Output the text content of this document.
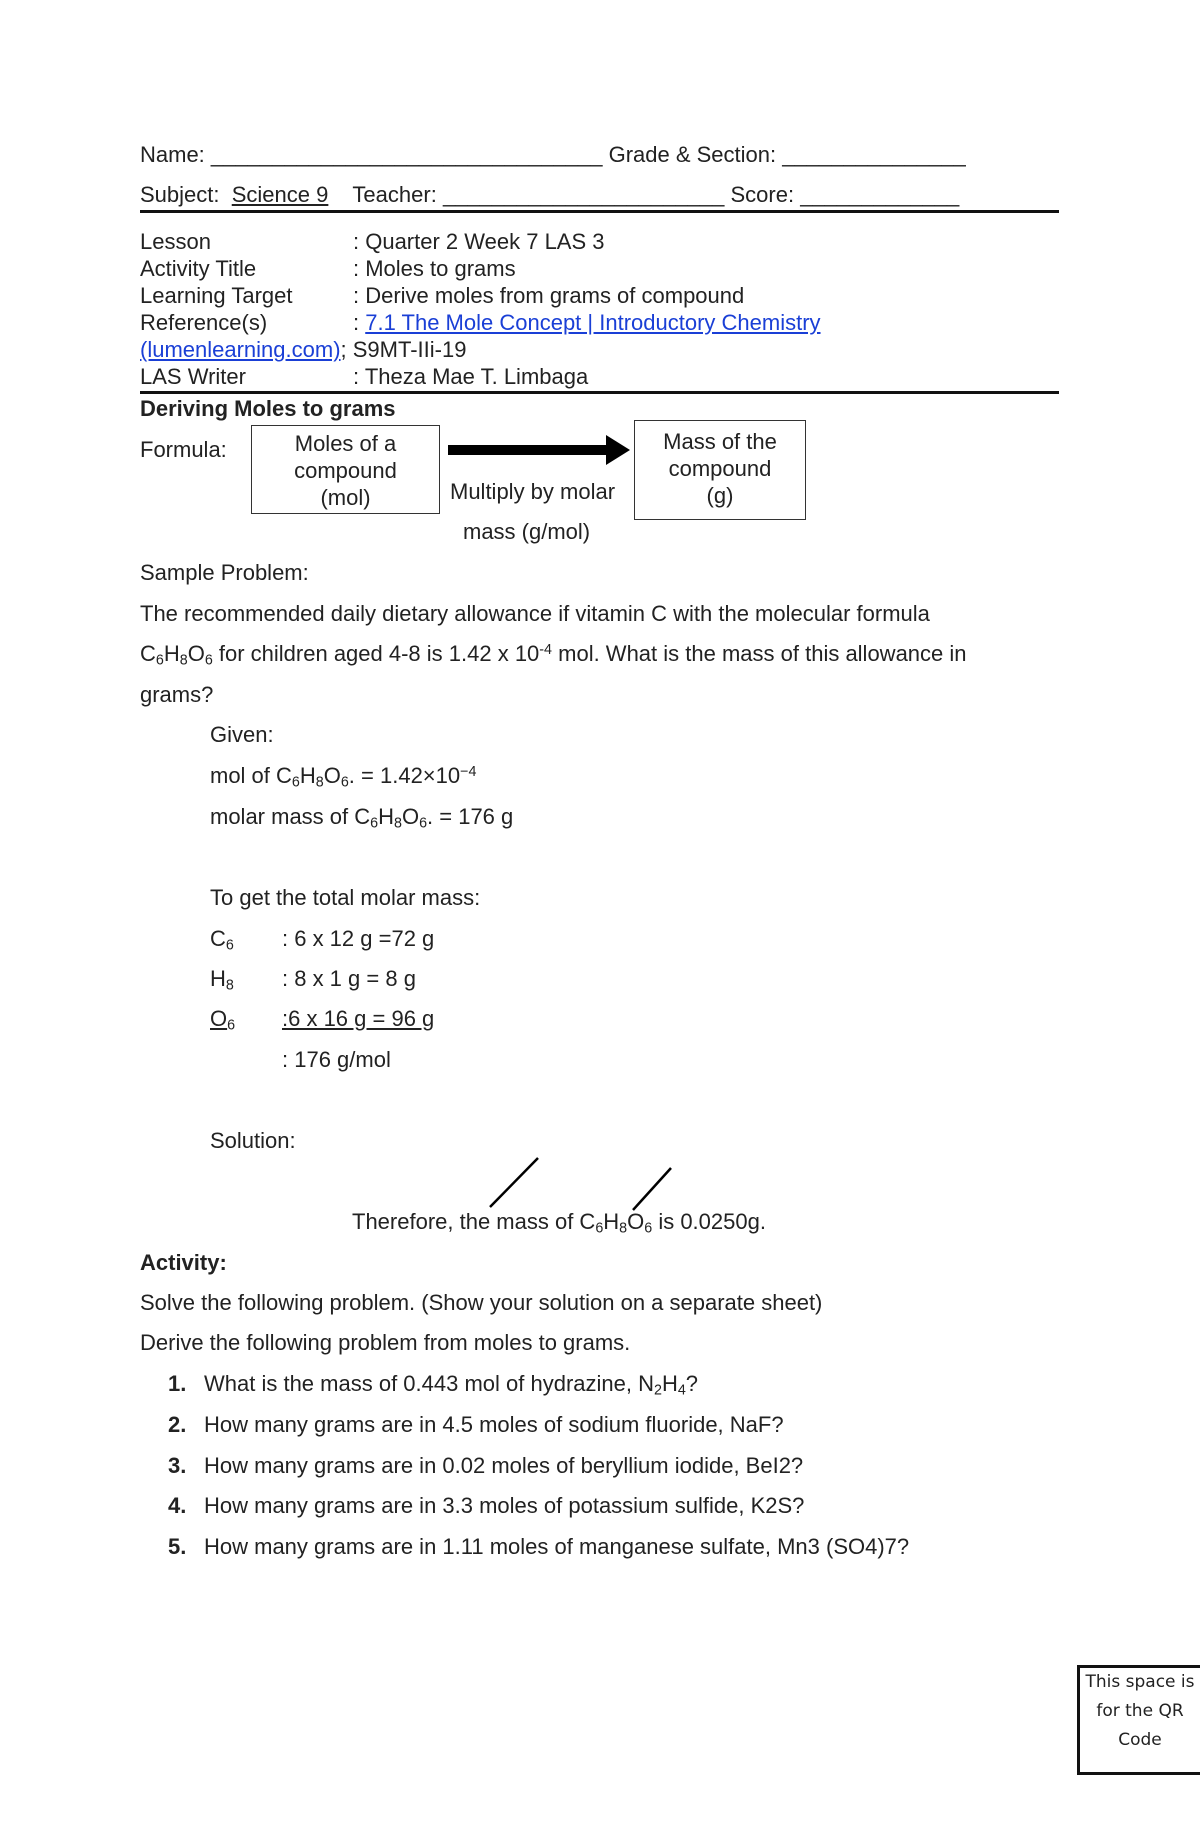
Name: ________________________________ Grade & Section: _______________
Subject: Science 9 Teacher: _______________________ Score: _____________
Lesson	: Quarter 2 Week 7 LAS 3
Activity Title	: Moles to grams
Learning Target	: Derive moles from grams of compound
Reference(s)	: 7.1 The Mole Concept | Introductory Chemistry
(lumenlearning.com); S9MT-IIi-19
LAS Writer	: Theza Mae T. Limbaga
Deriving Moles to grams
Formula:	Moles of a
compound
(mol)	Multiply by molar
mass (g/mol)
Mass of the
compound
(g)
Sample Problem:
The recommended daily dietary allowance if vitamin C with the molecular formula
$C_6H_8O_6$ for children aged 4-8 is 1.42 x $10^{-4}$ mol. What is the mass of this allowance in
grams?
Given:
mol of $C_6H_8O_6$. = $1.42\times 10^{-4}$
molar mass of $C_6H_8O_6$. = 176 g
To get the total molar mass:
$C_6$ : 6 x 12 g =72 g
$H_8$ : 8 x 1 g = 8 g
$O_6$	:6 x 16 g = 96 g
: 176 g/mol
Solution:
Therefore, the mass of $C_6H_8O_6$ is 0.0250g.
Activity:
Solve the following problem. (Show your solution on a separate sheet)
Derive the following problem from moles to grams.
1. What is the mass of 0.443 mol of hydrazine, $N_2H_4$?
2. How many grams are in 4.5 moles of sodium fluoride, NaF?
3. How many grams are in 0.02 moles of beryllium iodide, BeI2?
4. How many grams are in 3.3 moles of potassium sulfide, K2S?
5. How many grams are in 1.11 moles of manganese sulfate, Mn3 (SO4)7?
This space is
for the QR
Code
